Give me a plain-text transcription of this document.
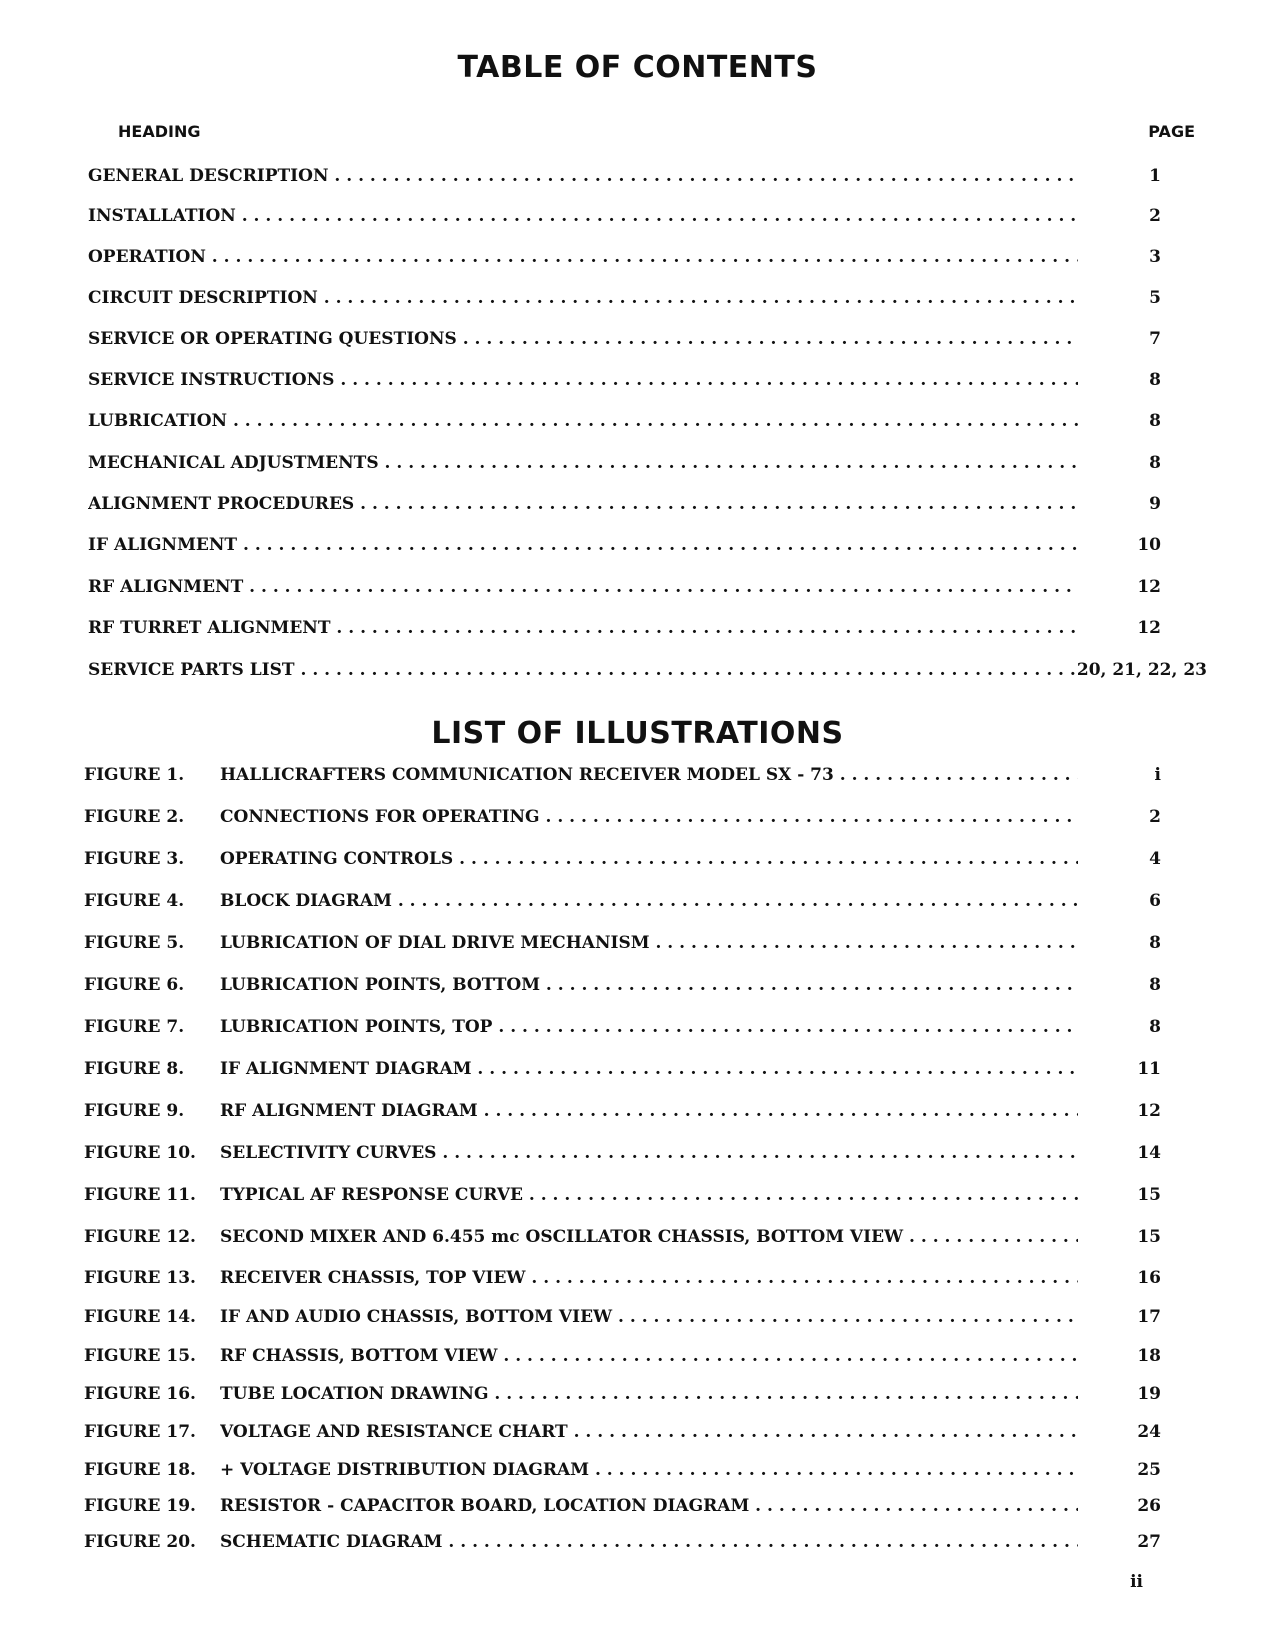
TABLE OF CONTENTS
HEADING	PAGE
GENERAL DESCRIPTION . . .	1
INSTALLATION . . .	2
OPERATION . . .	3
CIRCUIT DESCRIPTION . . .	5
SERVICE OR OPERATING QUESTIONS . . .	7
SERVICE INSTRUCTIONS . . .	8
LUBRICATION . . .	8
MECHANICAL ADJUSTMENTS . . .	8
ALIGNMENT PROCEDURES . . .	9
IF ALIGNMENT . . .	10
RF ALIGNMENT . . .	12
RF TURRET ALIGNMENT . . .	12
SERVICE PARTS LIST . . .	20, 21, 22, 23
LIST OF ILLUSTRATIONS
FIGURE 1. HALLICRAFTERS COMMUNICATION RECEIVER MODEL SX - 73 . . .	i
FIGURE 2. CONNECTIONS FOR OPERATING . . .	2
FIGURE 3. OPERATING CONTROLS . . .	4
FIGURE 4. BLOCK DIAGRAM . . .	6
FIGURE 5. LUBRICATION OF DIAL DRIVE MECHANISM . . .	8
FIGURE 6. LUBRICATION POINTS, BOTTOM . . .	8
FIGURE 7. LUBRICATION POINTS, TOP . . .	8
FIGURE 8. IF ALIGNMENT DIAGRAM . . .	11
FIGURE 9. RF ALIGNMENT DIAGRAM . . .	12
FIGURE 10. SELECTIVITY CURVES . . .	14
FIGURE 11. TYPICAL AF RESPONSE CURVE . . .	15
FIGURE 12. SECOND MIXER AND 6.455 mc OSCILLATOR CHASSIS, BOTTOM VIEW . . .	15
FIGURE 13. RECEIVER CHASSIS, TOP VIEW . . .	16
FIGURE 14. IF AND AUDIO CHASSIS, BOTTOM VIEW . . .	17
FIGURE 15. RF CHASSIS, BOTTOM VIEW . . .	18
FIGURE 16. TUBE LOCATION DRAWING . . .	19
FIGURE 17. VOLTAGE AND RESISTANCE CHART . . .	24
FIGURE 18. + VOLTAGE DISTRIBUTION DIAGRAM . . .	25
FIGURE 19. RESISTOR - CAPACITOR BOARD, LOCATION DIAGRAM . . .	26
FIGURE 20. SCHEMATIC DIAGRAM . . .	27
ii
